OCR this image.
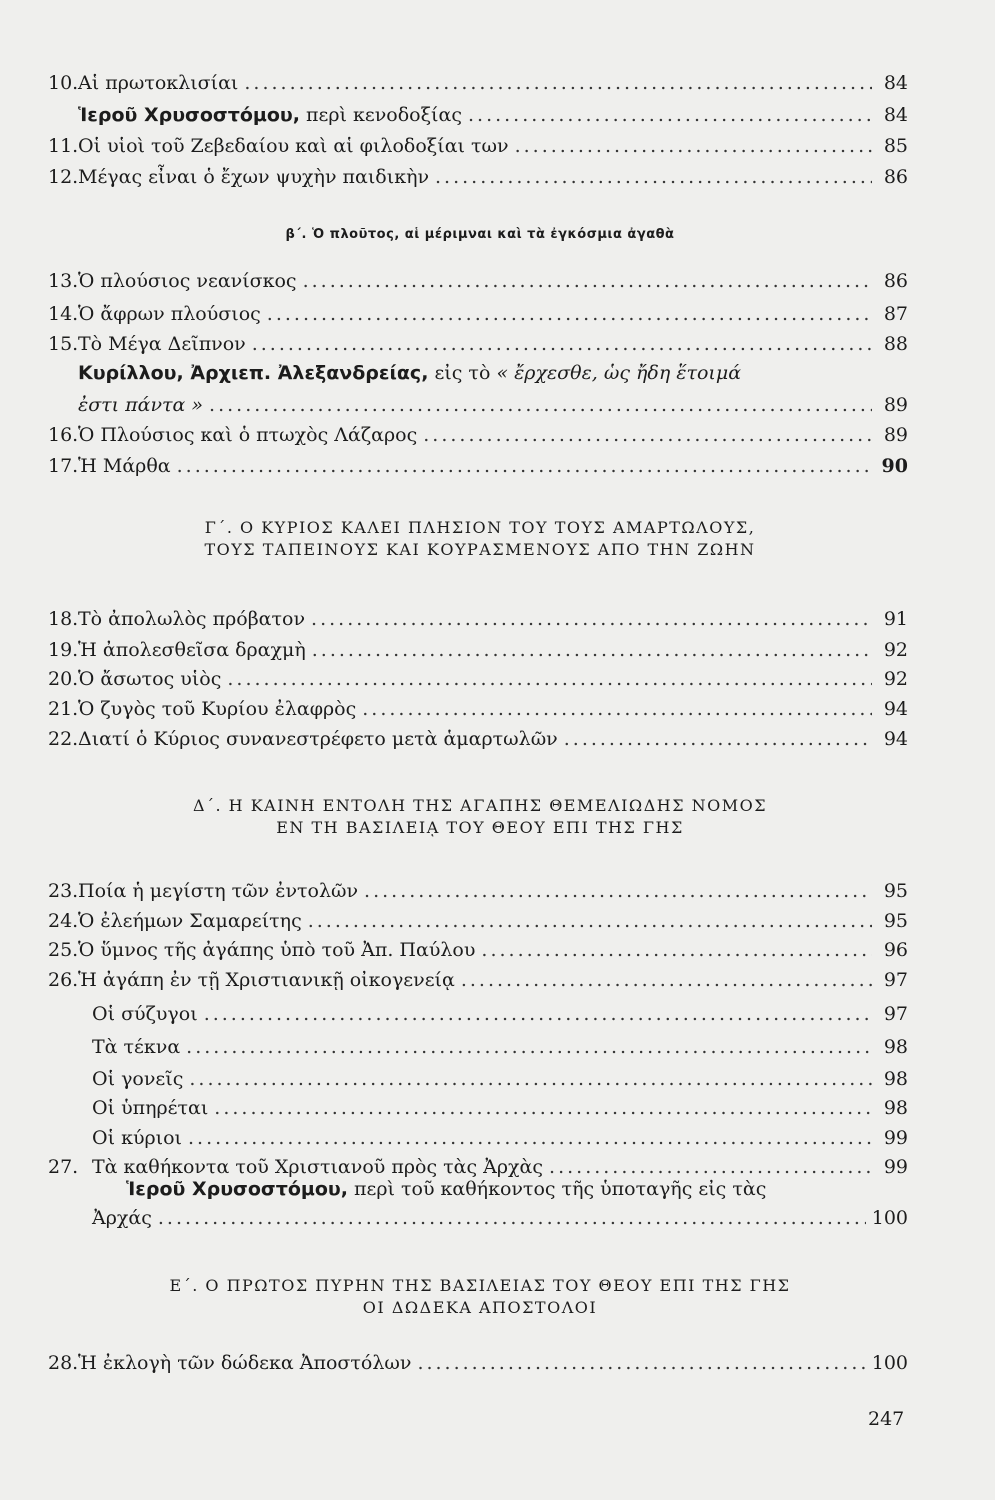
10. Αἱ πρωτοκλισίαι .....	84
Ἱεροῦ Χρυσοστόμου, περὶ κενοδοξίας .....	84
11. Οἱ υἱοὶ τοῦ Ζεβεδαίου καὶ αἱ φιλοδοξίαι των .....	85
12. Μέγας εἶναι ὁ ἔχων ψυχὴν παιδικὴν .....	86
β΄. Ὁ πλοῦτος, αἱ μέριμναι καὶ τὰ ἐγκόσμια ἀγαθὰ
13. Ὁ πλούσιος νεανίσκος .....	86
14. Ὁ ἄφρων πλούσιος .....	87
15. Τὸ Μέγα Δεῖπνον .....	88
Κυρίλλου, Ἀρχιεπ. Ἀλεξανδρείας, εἰς τὸ « ἔρχεσθε, ὡς ἤδη ἕτοιμά
ἐστι πάντα » .....	89
16. Ὁ Πλούσιος καὶ ὁ πτωχὸς Λάζαρος .....	89
17. Ἡ Μάρθα .....	90
Γ΄. Ο ΚΥΡΙΟΣ ΚΑΛΕΙ ΠΛΗΣΙΟΝ ΤΟΥ ΤΟΥΣ ΑΜΑΡΤΩΛΟΥΣ,
ΤΟΥΣ ΤΑΠΕΙΝΟΥΣ ΚΑΙ ΚΟΥΡΑΣΜΕΝΟΥΣ ΑΠΟ ΤΗΝ ΖΩΗΝ
18. Τὸ ἀπολωλὸς πρόβατον .....	91
19. Ἡ ἀπολεσθεῖσα δραχμὴ .....	92
20. Ὁ ἄσωτος υἱὸς .....	92
21. Ὁ ζυγὸς τοῦ Κυρίου ἐλαφρὸς .....	94
22. Διατί ὁ Κύριος συνανεστρέφετο μετὰ ἁμαρτωλῶν .....	94
Δ΄. Η ΚΑΙΝΗ ΕΝΤΟΛΗ ΤΗΣ ΑΓΑΠΗΣ ΘΕΜΕΛΙΩΔΗΣ ΝΟΜΟΣ
ΕΝ ΤΗ ΒΑΣΙΛΕΙᾼ ΤΟΥ ΘΕΟΥ ΕΠΙ ΤΗΣ ΓΗΣ
23. Ποία ἡ μεγίστη τῶν ἐντολῶν .....	95
24. Ὁ ἐλεήμων Σαμαρείτης .....	95
25. Ὁ ὕμνος τῆς ἀγάπης ὑπὸ τοῦ Ἀπ. Παύλου .....	96
26. Ἡ ἀγάπη ἐν τῇ Χριστιανικῇ οἰκογενείᾳ .....	97
Οἱ σύζυγοι .....	97
Τὰ τέκνα .....	98
Οἱ γονεῖς .....	98
Οἱ ὑπηρέται .....	98
Οἱ κύριοι .....	99
27. Τὰ καθήκοντα τοῦ Χριστιανοῦ πρὸς τὰς Ἀρχὰς .....	99
Ἱεροῦ Χρυσοστόμου, περὶ τοῦ καθήκοντος τῆς ὑποταγῆς εἰς τὰς
Ἀρχάς .....	100
Ε΄. Ο ΠΡΩΤΟΣ ΠΥΡΗΝ ΤΗΣ ΒΑΣΙΛΕΙΑΣ ΤΟΥ ΘΕΟΥ ΕΠΙ ΤΗΣ ΓΗΣ
ΟΙ ΔΩΔΕΚΑ ΑΠΟΣΤΟΛΟΙ
28. Ἡ ἐκλογὴ τῶν δώδεκα Ἀποστόλων .....	100
247
